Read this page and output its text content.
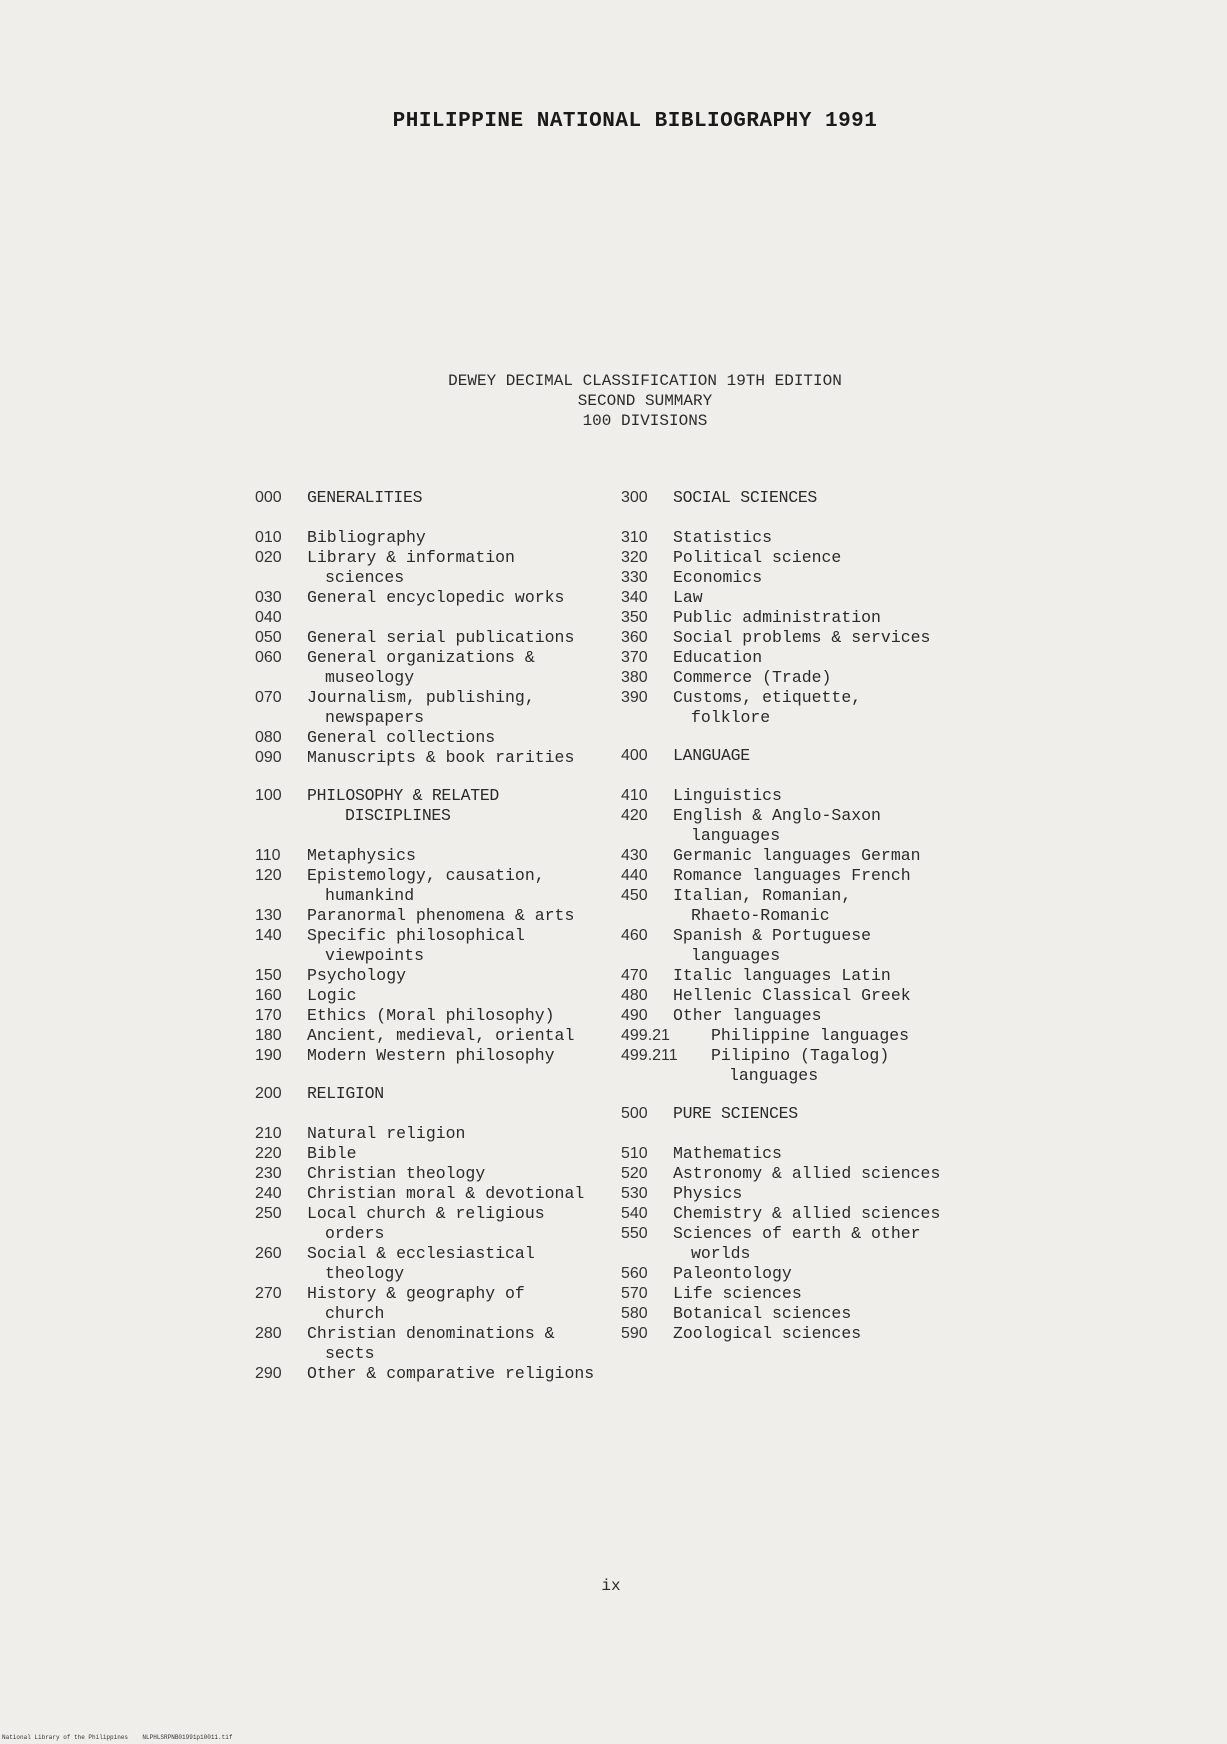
PHILIPPINE NATIONAL BIBLIOGRAPHY 1991
DEWEY DECIMAL CLASSIFICATION 19TH EDITION
SECOND SUMMARY
100 DIVISIONS
000	GENERALITIES
010	Bibliography
020	Library & information
sciences
030	General encyclopedic works
040
050	General serial publications
060	General organizations &
museology
070	Journalism, publishing,
newspapers
080	General collections
090	Manuscripts & book rarities
100	PHILOSOPHY & RELATED
DISCIPLINES
110	Metaphysics
120	Epistemology, causation,
humankind
130	Paranormal phenomena & arts
140	Specific philosophical
viewpoints
150	Psychology
160	Logic
170	Ethics (Moral philosophy)
180	Ancient, medieval, oriental
190	Modern Western philosophy
200	RELIGION
210	Natural religion
220	Bible
230	Christian theology
240	Christian moral & devotional
250	Local church & religious
orders
260	Social & ecclesiastical
theology
270	History & geography of
church
280	Christian denominations &
sects
290	Other & comparative religions
300	SOCIAL SCIENCES
310	Statistics
320	Political science
330	Economics
340	Law
350	Public administration
360	Social problems & services
370	Education
380	Commerce (Trade)
390	Customs, etiquette,
folklore
400	LANGUAGE
410	Linguistics
420	English & Anglo-Saxon
languages
430	Germanic languages German
440	Romance languages French
450	Italian, Romanian,
Rhaeto-Romanic
460	Spanish & Portuguese
languages
470	Italic languages Latin
480	Hellenic Classical Greek
490	Other languages
499.21	Philippine languages
499.211	Pilipino (Tagalog)
languages
500	PURE SCIENCES
510	Mathematics
520	Astronomy & allied sciences
530	Physics
540	Chemistry & allied sciences
550	Sciences of earth & other
worlds
560	Paleontology
570	Life sciences
580	Botanical sciences
590	Zoological sciences
ix
National Library of the Philippines    NLPHLSRPNB01991p10011.tif
